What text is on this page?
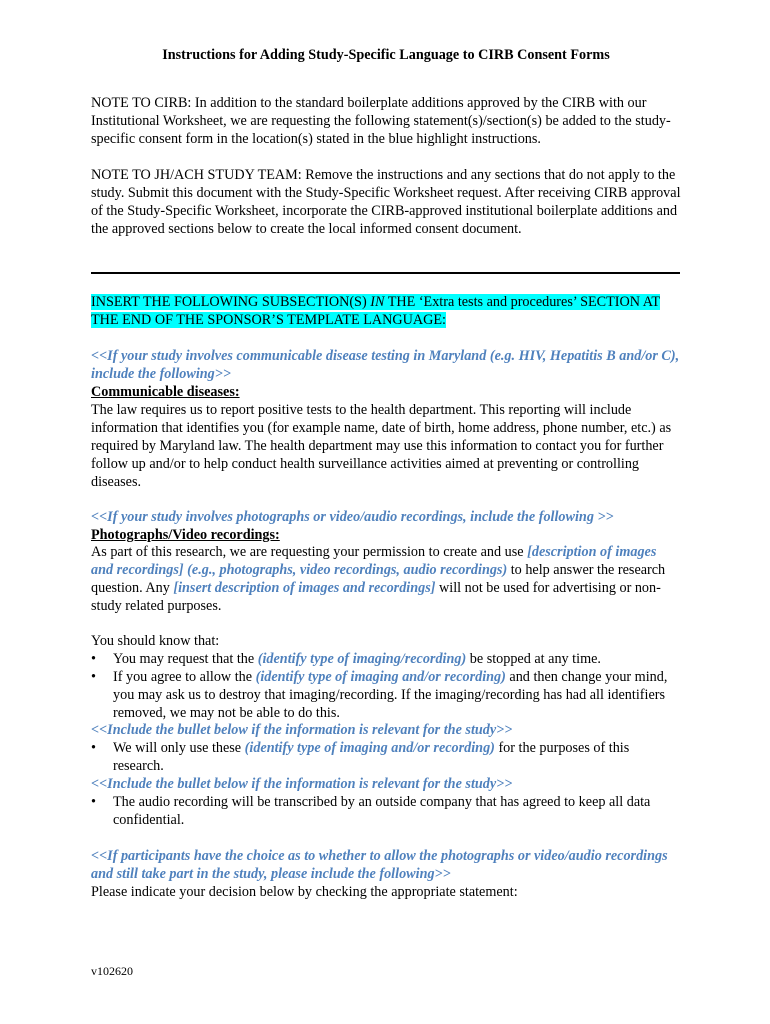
Instructions for Adding Study-Specific Language to CIRB Consent Forms

NOTE TO CIRB: In addition to the standard boilerplate additions approved by the CIRB with our Institutional Worksheet, we are requesting the following statement(s)/section(s) be added to the study-specific consent form in the location(s) stated in the blue highlight instructions.

NOTE TO JH/ACH STUDY TEAM: Remove the instructions and any sections that do not apply to the study. Submit this document with the Study-Specific Worksheet request. After receiving CIRB approval of the Study-Specific Worksheet, incorporate the CIRB-approved institutional boilerplate additions and the approved sections below to create the local informed consent document.

INSERT THE FOLLOWING SUBSECTION(S) IN THE ‘Extra tests and procedures’ SECTION AT THE END OF THE SPONSOR’S TEMPLATE LANGUAGE:

<<If your study involves communicable disease testing in Maryland (e.g. HIV, Hepatitis B and/or C), include the following>>

Communicable diseases:

The law requires us to report positive tests to the health department. This reporting will include information that identifies you (for example name, date of birth, home address, phone number, etc.) as required by Maryland law. The health department may use this information to contact you for further follow up and/or to help conduct health surveillance activities aimed at preventing or controlling diseases.

<<If your study involves photographs or video/audio recordings, include the following >>

Photographs/Video recordings:

As part of this research, we are requesting your permission to create and use [description of images and recordings] (e.g., photographs, video recordings, audio recordings) to help answer the research question. Any [insert description of images and recordings] will not be used for advertising or non-study related purposes.

You should know that:

•	You may request that the (identify type of imaging/recording) be stopped at any time.
•	If you agree to allow the (identify type of imaging and/or recording) and then change your mind, you may ask us to destroy that imaging/recording. If the imaging/recording has had all identifiers removed, we may not be able to do this.

<<Include the bullet below if the information is relevant for the study>>

•	We will only use these (identify type of imaging and/or recording) for the purposes of this research.

<<Include the bullet below if the information is relevant for the study>>

•	The audio recording will be transcribed by an outside company that has agreed to keep all data confidential.

<<If participants have the choice as to whether to allow the photographs or video/audio recordings and still take part in the study, please include the following>>

Please indicate your decision below by checking the appropriate statement:

v102620
